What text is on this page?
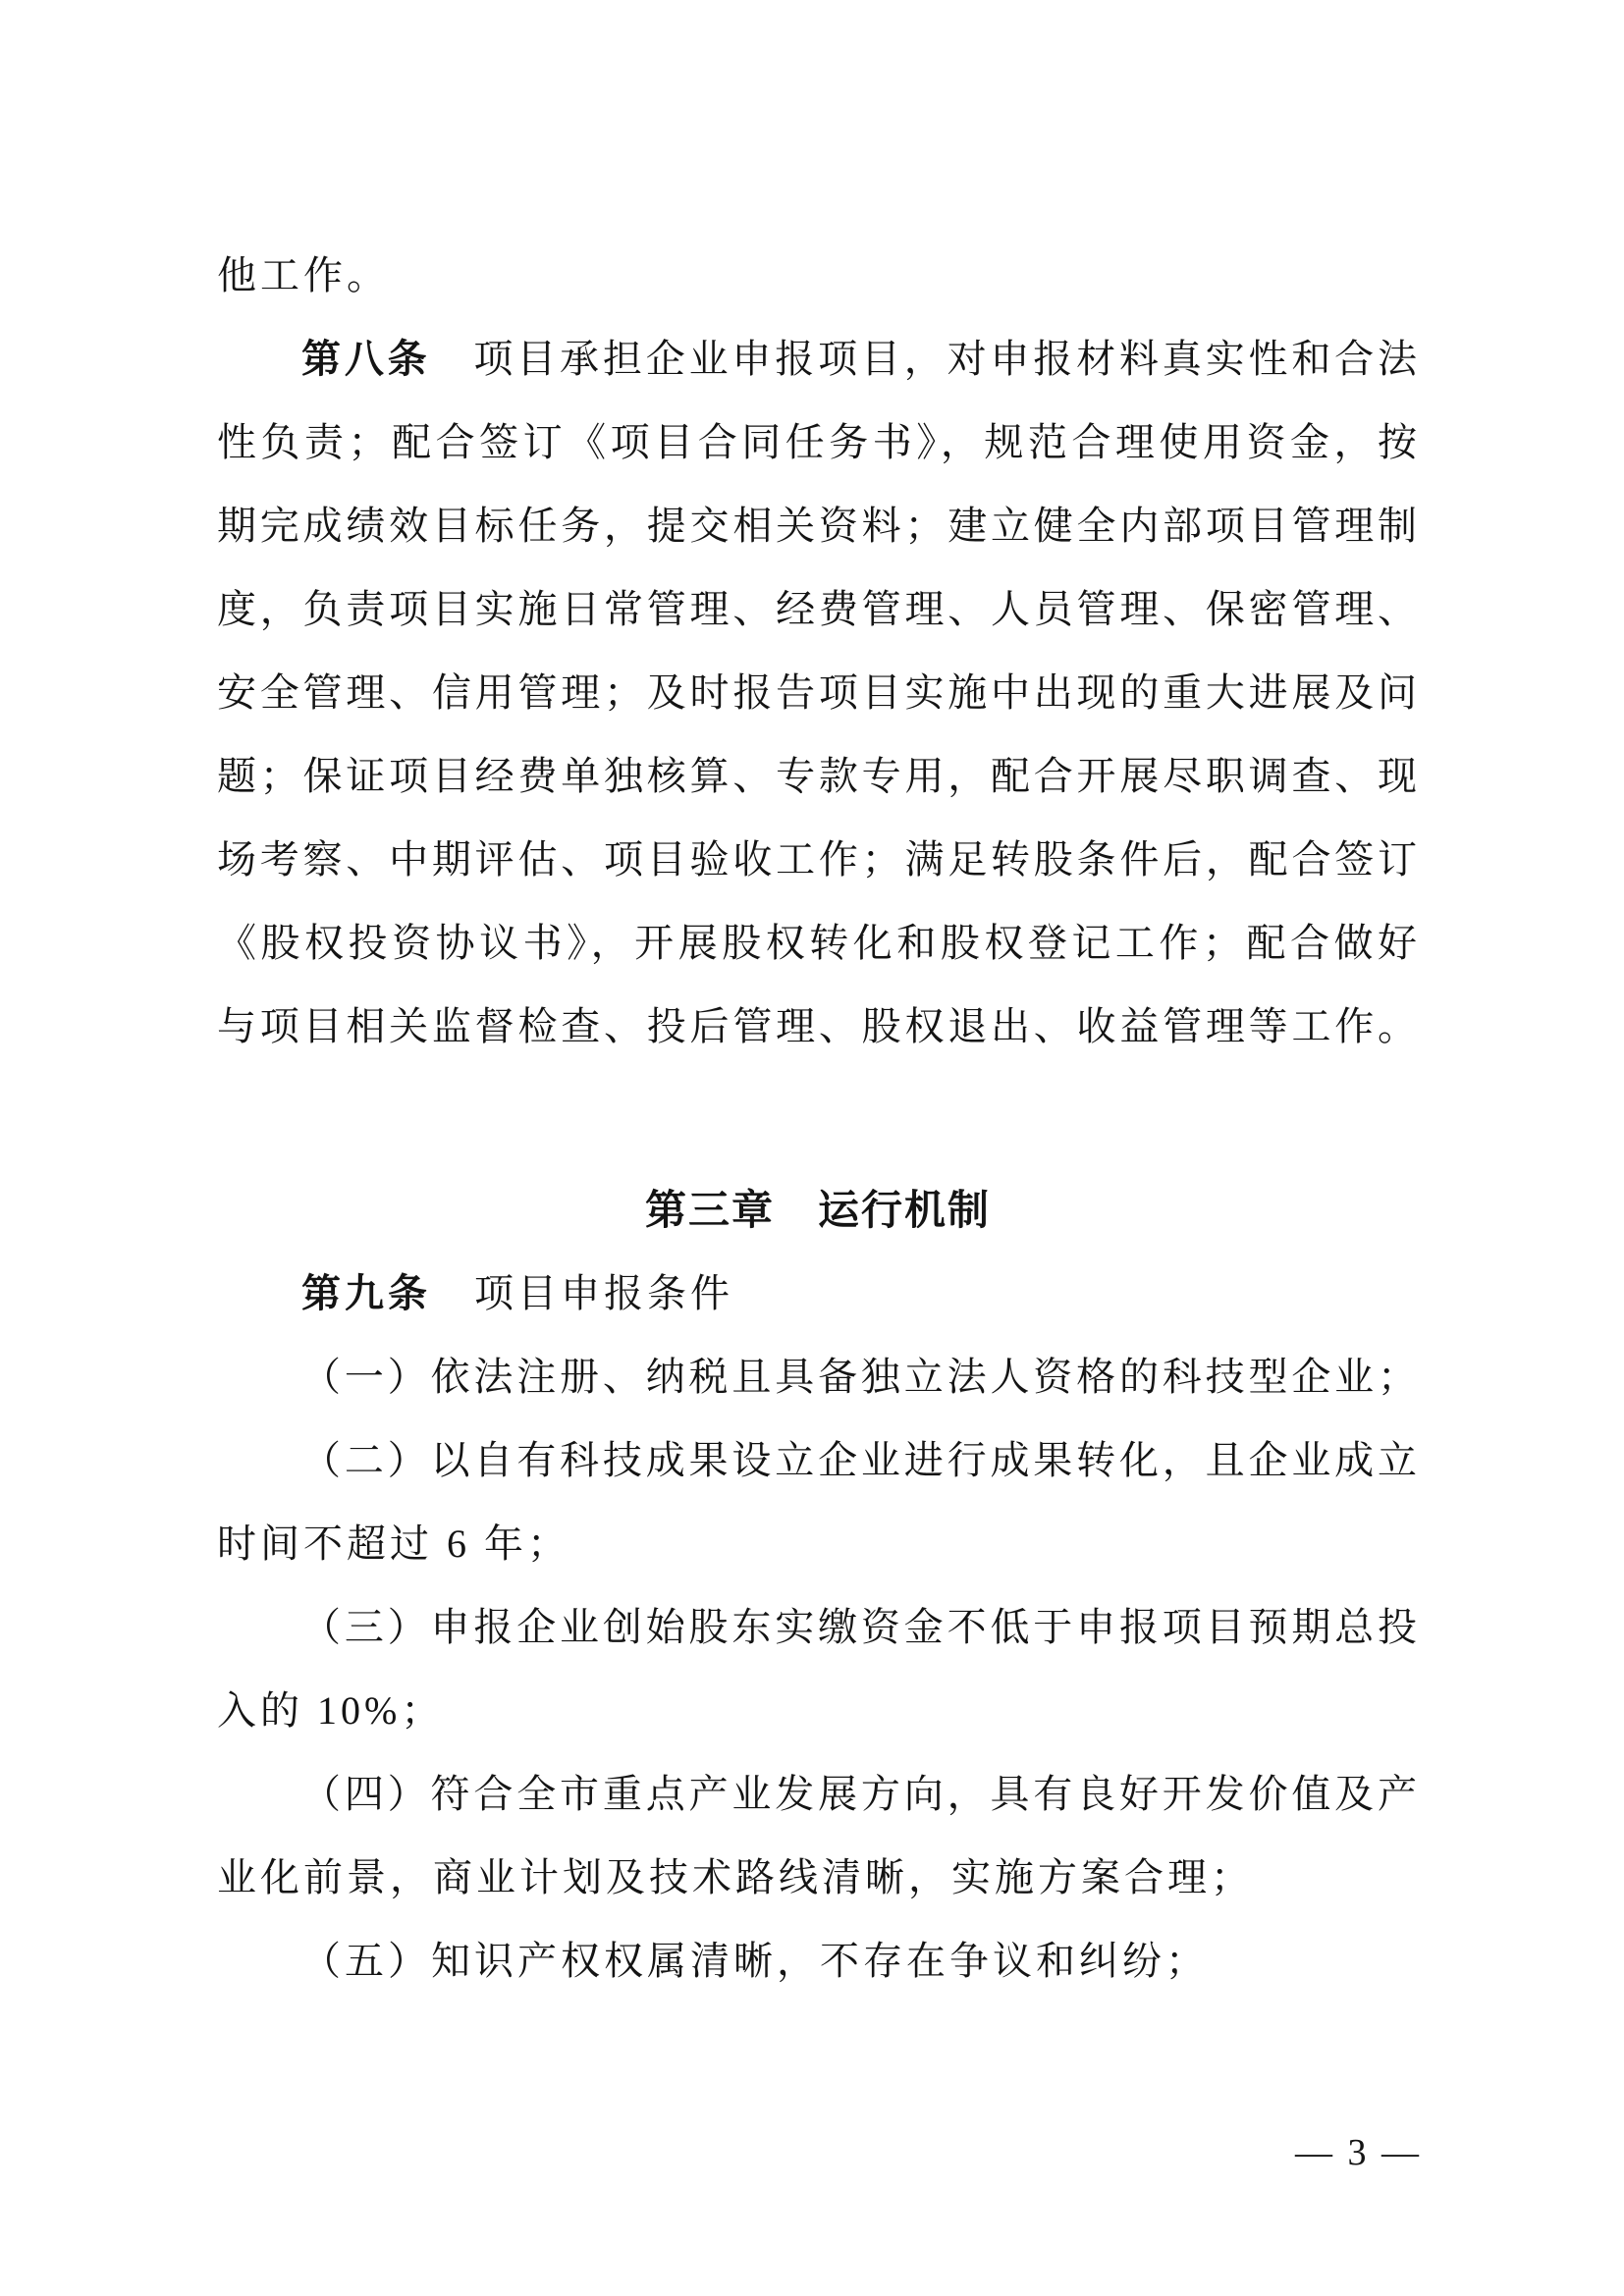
他工作。
第八条　项目承担企业申报项目，对申报材料真实性和合法
性负责；配合签订《项目合同任务书》，规范合理使用资金，按
期完成绩效目标任务，提交相关资料；建立健全内部项目管理制
度，负责项目实施日常管理、经费管理、人员管理、保密管理、
安全管理、信用管理；及时报告项目实施中出现的重大进展及问
题；保证项目经费单独核算、专款专用，配合开展尽职调查、现
场考察、中期评估、项目验收工作；满足转股条件后，配合签订
《股权投资协议书》，开展股权转化和股权登记工作；配合做好
与项目相关监督检查、投后管理、股权退出、收益管理等工作。
第三章　运行机制
第九条　项目申报条件
（一）依法注册、纳税且具备独立法人资格的科技型企业；
（二）以自有科技成果设立企业进行成果转化，且企业成立
时间不超过 6 年；
（三）申报企业创始股东实缴资金不低于申报项目预期总投
入的 10%；
（四）符合全市重点产业发展方向，具有良好开发价值及产
业化前景，商业计划及技术路线清晰，实施方案合理；
（五）知识产权权属清晰，不存在争议和纠纷；
— 3 —
